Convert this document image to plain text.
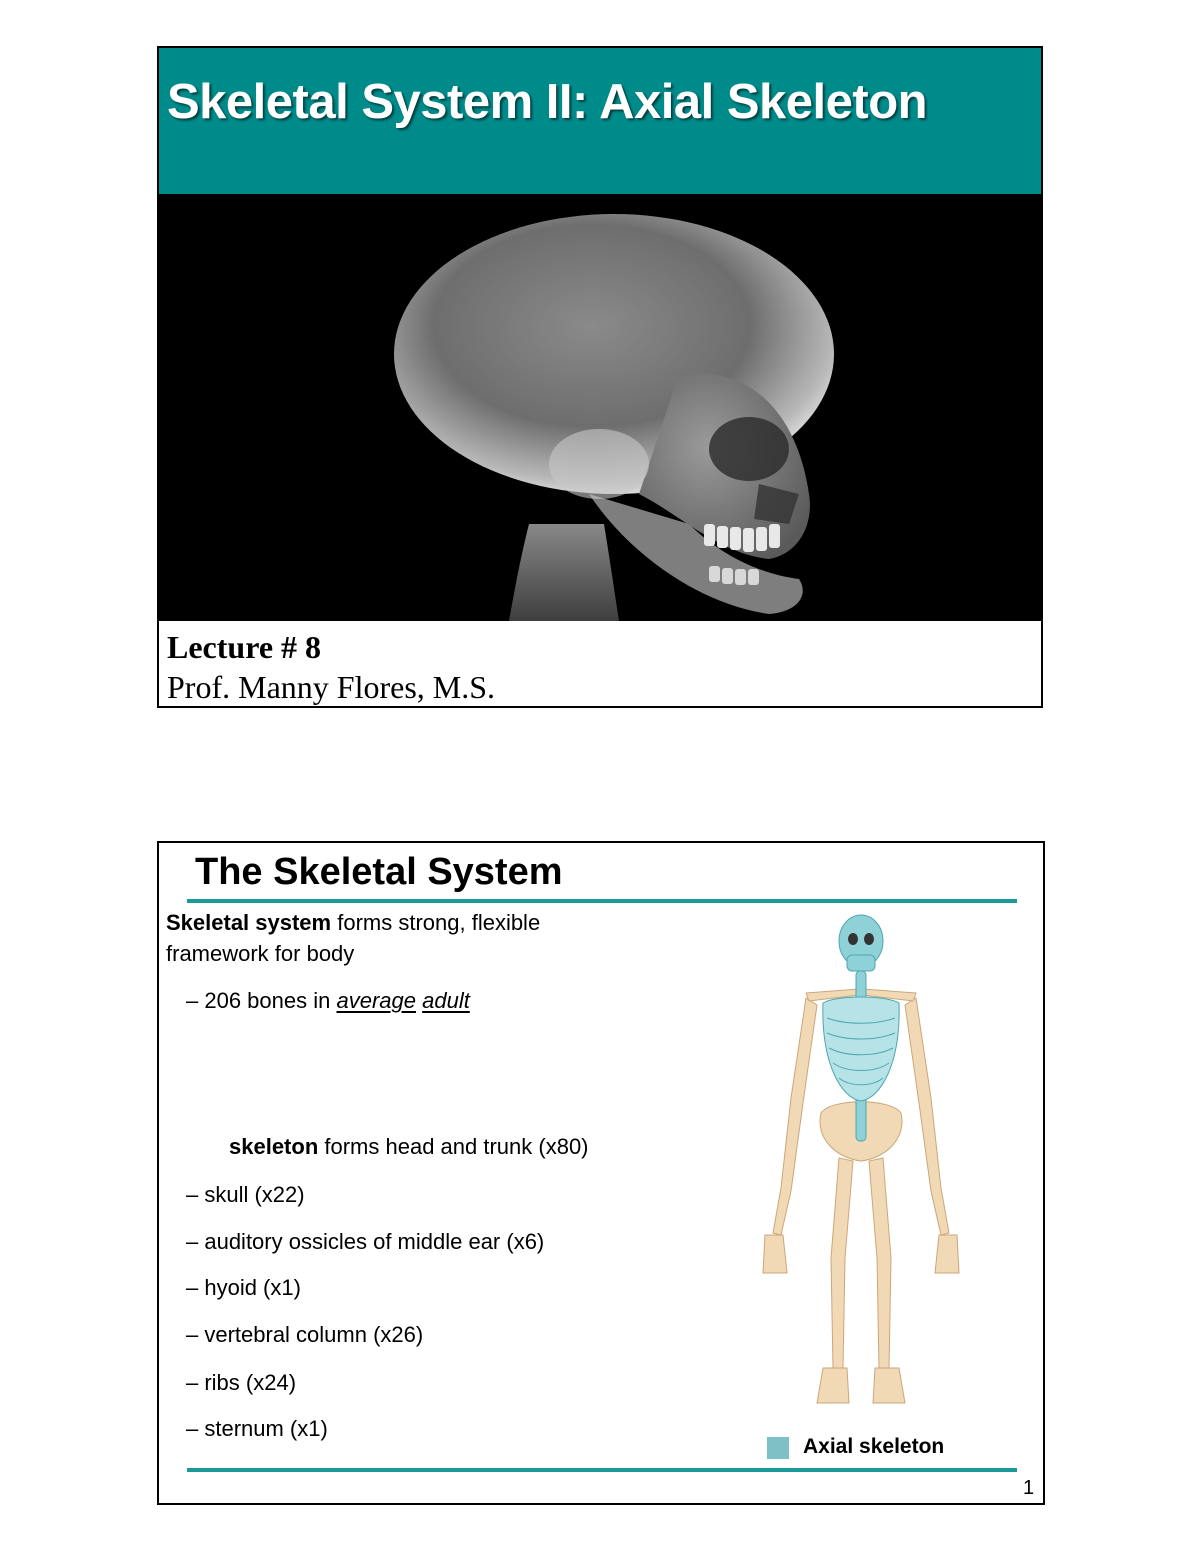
Skeletal System II: Axial Skeleton
Lecture # 8
Prof. Manny Flores, M.S.
The Skeletal System
Skeletal system forms strong, flexible framework for body
– 206 bones in average adult
skeleton forms head and trunk (x80)
– skull (x22)
– auditory ossicles of middle ear (x6)
– hyoid (x1)
– vertebral column (x26)
– ribs (x24)
– sternum (x1)
Axial skeleton
1
